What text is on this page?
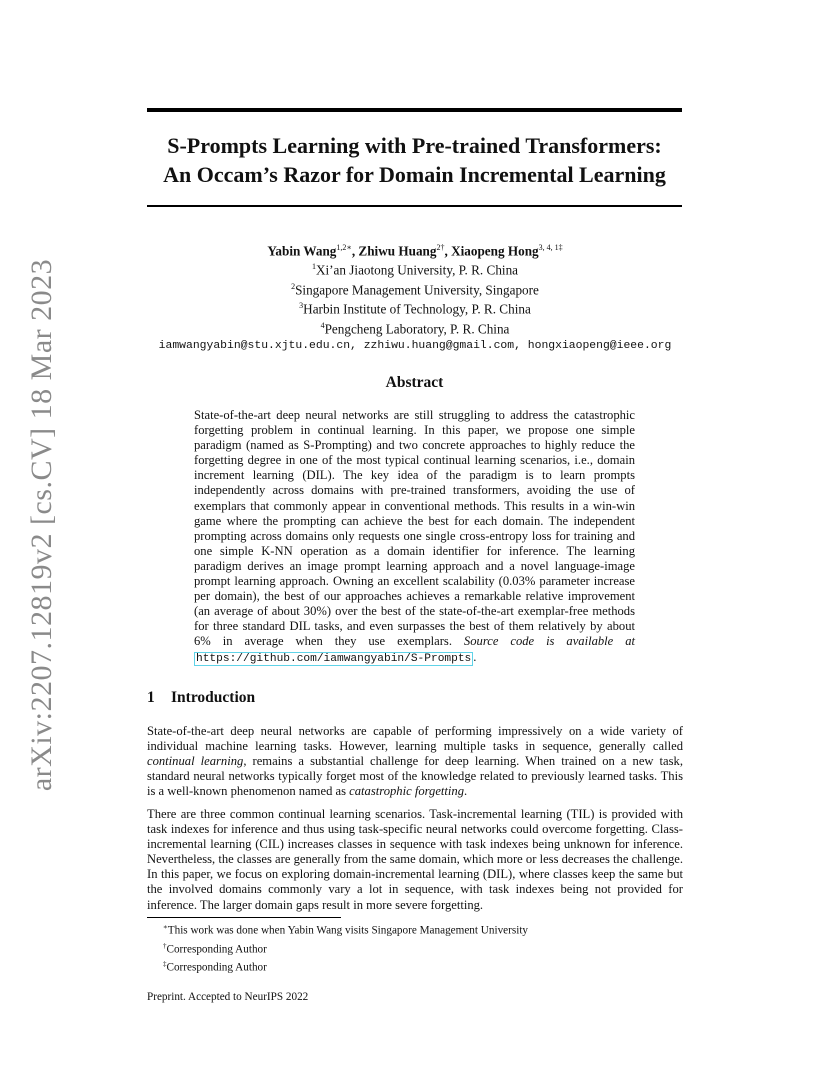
arXiv:2207.12819v2 [cs.CV] 18 Mar 2023
S-Prompts Learning with Pre-trained Transformers:
An Occam’s Razor for Domain Incremental Learning
Yabin Wang$^{1,2∗}$, Zhiwu Huang$^{2\dagger}$, Xiaopeng Hong$^{3, 4, 1\ddagger}$
$^1$Xi’an Jiaotong University, P. R. China
$^2$Singapore Management University, Singapore
$^3$Harbin Institute of Technology, P. R. China
$^4$Pengcheng Laboratory, P. R. China
iamwangyabin@stu.xjtu.edu.cn, zzhiwu.huang@gmail.com, hongxiaopeng@ieee.org
Abstract
State-of-the-art deep neural networks are still struggling to address the catastrophic forgetting problem in continual learning. In this paper, we propose one simple paradigm (named as S-Prompting) and two concrete approaches to highly reduce the forgetting degree in one of the most typical continual learning scenarios, i.e., domain increment learning (DIL). The key idea of the paradigm is to learn prompts independently across domains with pre-trained transformers, avoiding the use of exemplars that commonly appear in conventional methods. This results in a win-win game where the prompting can achieve the best for each domain. The independent prompting across domains only requests one single cross-entropy loss for training and one simple K-NN operation as a domain identifier for inference. The learning paradigm derives an image prompt learning approach and a novel language-image prompt learning approach. Owning an excellent scalability (0.03% parameter increase per domain), the best of our approaches achieves a remarkable relative improvement (an average of about 30%) over the best of the state-of-the-art exemplar-free methods for three standard DIL tasks, and even surpasses the best of them relatively by about 6% in average when they use exemplars. Source code is available at https://github.com/iamwangyabin/S-Prompts .
1 Introduction
State-of-the-art deep neural networks are capable of performing impressively on a wide variety of individual machine learning tasks. However, learning multiple tasks in sequence, generally called continual learning, remains a substantial challenge for deep learning. When trained on a new task, standard neural networks typically forget most of the knowledge related to previously learned tasks. This is a well-known phenomenon named as catastrophic forgetting.
There are three common continual learning scenarios. Task-incremental learning (TIL) is provided with task indexes for inference and thus using task-specific neural networks could overcome forgetting. Class-incremental learning (CIL) increases classes in sequence with task indexes being unknown for inference. Nevertheless, the classes are generally from the same domain, which more or less decreases the challenge. In this paper, we focus on exploring domain-incremental learning (DIL), where classes keep the same but the involved domains commonly vary a lot in sequence, with task indexes being not provided for inference. The larger domain gaps result in more severe forgetting.
∗This work was done when Yabin Wang visits Singapore Management University
†Corresponding Author
‡Corresponding Author
Preprint. Accepted to NeurIPS 2022
